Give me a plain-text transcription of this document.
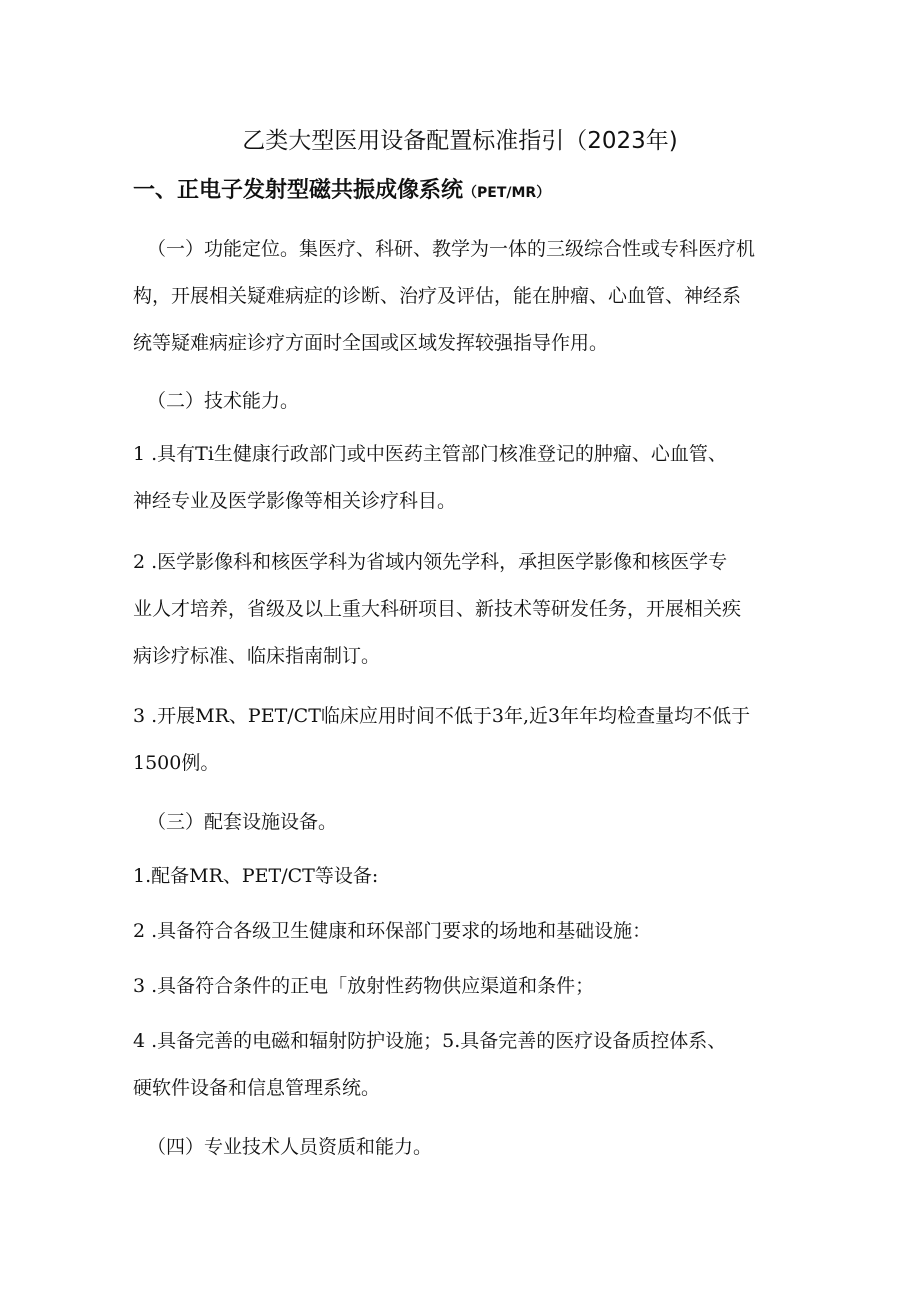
乙类大型医用设备配置标准指引（2023年)
一、正电子发射型磁共振成像系统（PET/MR）
（一）功能定位。集医疗、科研、教学为一体的三级综合性或专科医疗机
构，开展相关疑难病症的诊断、治疗及评估，能在肿瘤、心血管、神经系
统等疑难病症诊疗方面时全国或区域发挥较强指导作用。
（二）技术能力。
1 .具有Ti生健康行政部门或中医药主管部门核准登记的肿瘤、心血管、
神经专业及医学影像等相关诊疗科目。
2 .医学影像科和核医学科为省域内领先学科，承担医学影像和核医学专
业人才培养，省级及以上重大科研项目、新技术等研发任务，开展相关疾
病诊疗标准、临床指南制订。
3 .开展MR、PET/CT临床应用时间不低于3年,近3年年均检查量均不低于
1500例。
（三）配套设施设备。
1.配备MR、PET/CT等设备:
2 .具备符合各级卫生健康和环保部门要求的场地和基础设施：
3 .具备符合条件的正电「放射性药物供应渠道和条件；
4 .具备完善的电磁和辐射防护设施；5.具备完善的医疗设备质控体系、
硬软件设备和信息管理系统。
（四）专业技术人员资质和能力。
